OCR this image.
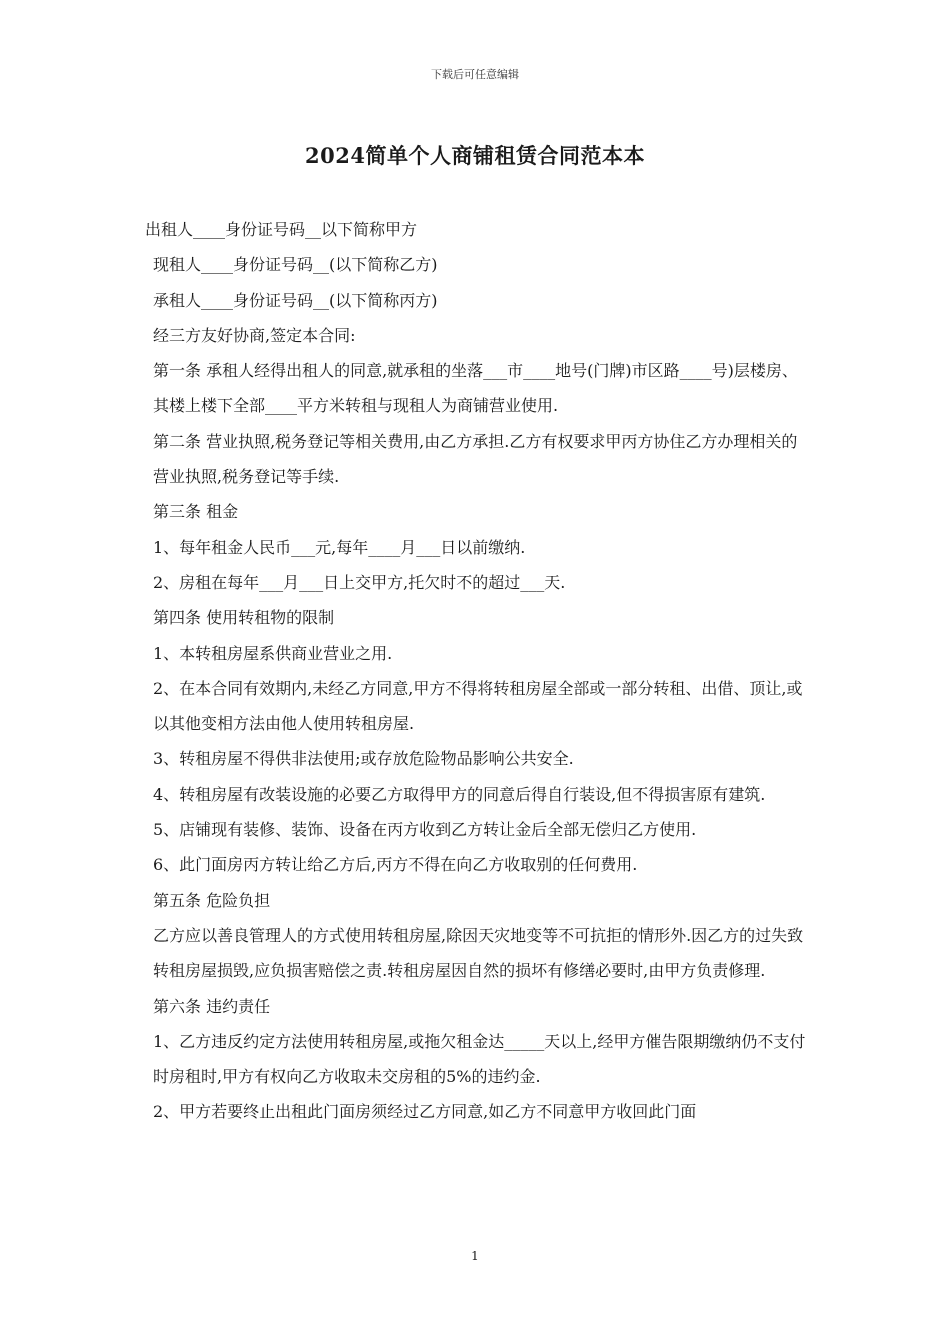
下载后可任意编辑
2024简单个人商铺租赁合同范本本

出租人____身份证号码__以下简称甲方

现租人____身份证号码__(以下简称乙方)

承租人____身份证号码__(以下简称丙方)

经三方友好协商,签定本合同:

第一条 承租人经得出租人的同意,就承租的坐落___市____地号(门牌)市区路____号)层楼房、其楼上楼下全部____平方米转租与现租人为商铺营业使用.

第二条 营业执照,税务登记等相关费用,由乙方承担.乙方有权要求甲丙方协住乙方办理相关的营业执照,税务登记等手续.

第三条 租金

1、每年租金人民币___元,每年____月___日以前缴纳.

2、房租在每年___月___日上交甲方,托欠时不的超过___天.

第四条 使用转租物的限制

1、本转租房屋系供商业营业之用.

2、在本合同有效期内,未经乙方同意,甲方不得将转租房屋全部或一部分转租、出借、顶让,或以其他变相方法由他人使用转租房屋.

3、转租房屋不得供非法使用;或存放危险物品影响公共安全.

4、转租房屋有改装设施的必要乙方取得甲方的同意后得自行装设,但不得损害原有建筑.

5、店铺现有装修、装饰、设备在丙方收到乙方转让金后全部无偿归乙方使用.

6、此门面房丙方转让给乙方后,丙方不得在向乙方收取别的任何费用.

第五条 危险负担

乙方应以善良管理人的方式使用转租房屋,除因天灾地变等不可抗拒的情形外.因乙方的过失致转租房屋损毁,应负损害赔偿之责.转租房屋因自然的损坏有修缮必要时,由甲方负责修理.

第六条 违约责任

1、乙方违反约定方法使用转租房屋,或拖欠租金达_____天以上,经甲方催告限期缴纳仍不支付时房租时,甲方有权向乙方收取未交房租的5%的违约金.

2、甲方若要终止出租此门面房须经过乙方同意,如乙方不同意甲方收回此门面

1
